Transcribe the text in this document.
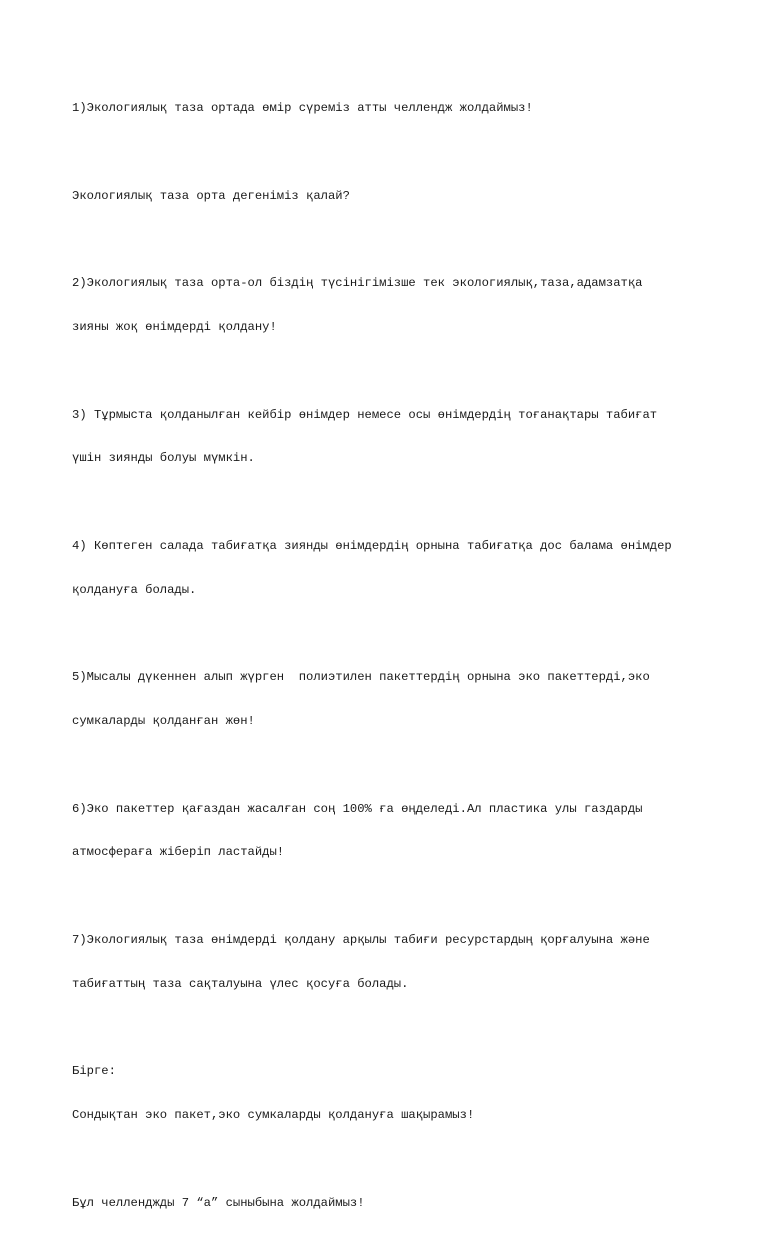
1)Экологиялық таза ортада өмір сүреміз атты челлендж жолдаймыз!

Экологиялық таза орта дегеніміз қалай?

2)Экологиялық таза орта-ол біздің түсінігімізше тек экологиялық,таза,адамзатқа

зияны жоқ өнімдерді қолдану!

3) Тұрмыста қолданылған кейбір өнімдер немесе осы өнімдердің тоғанақтары табиғат

үшін зиянды болуы мүмкін.

4) Көптеген салада табиғатқа зиянды өнімдердің орнына табиғатқа дос балама өнімдер

қолдануға болады.

5)Мысалы дүкеннен алып жүрген  полиэтилен пакеттердің орнына эко пакеттерді,эко

сумкаларды қолданған жөн!

6)Эко пакеттер қағаздан жасалған соң 100% ға өңделеді.Ал пластика улы газдарды

атмосфераға жіберіп ластайды!

7)Экологиялық таза өнімдерді қолдану арқылы табиғи ресурстардың қорғалуына және

табиғаттың таза сақталуына үлес қосуға болады.

Бірге:

Сондықтан эко пакет,эко сумкаларды қолдануға шақырамыз!

Бұл челленджды 7 “а” сыныбына жолдаймыз!
